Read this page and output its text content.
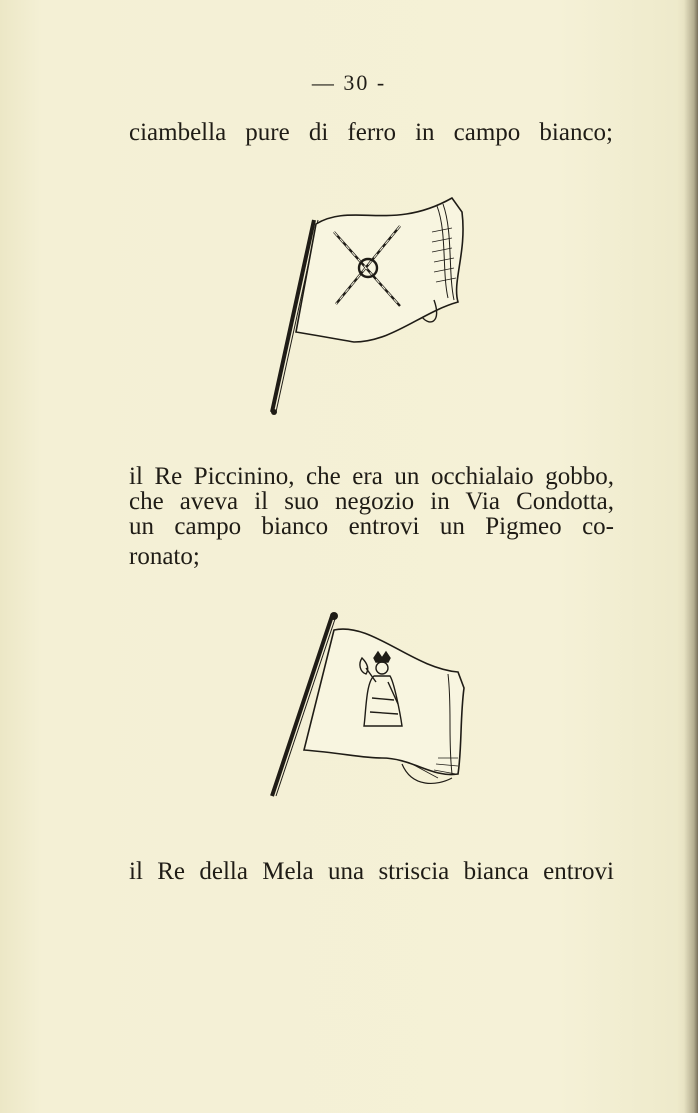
— 30 -
ciambella pure di ferro in campo bianco;
il Re Piccinino, che era un occhialaio gobbo,
che aveva il suo negozio in Via Condotta,
un campo bianco entrovi un Pigmeo co-
ronato;
il Re della Mela una striscia bianca entrovi
